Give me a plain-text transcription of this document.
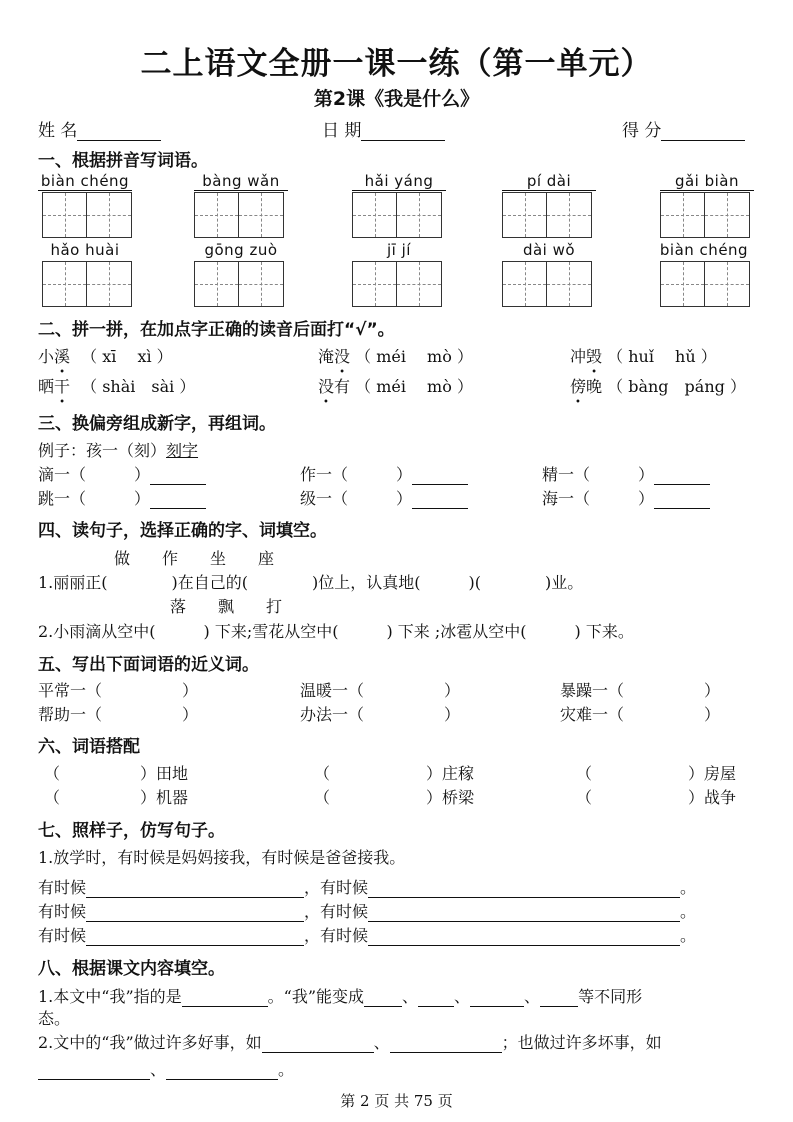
二上语文全册一课一练（第一单元）
第2课《我是什么》
姓 名	日 期	得 分
一、根据拼音写词语。
biàn chéng	bàng wǎn	hǎi yáng	pí dài	gǎi biàn
hǎo huài	gōng zuò	jī jí	dài wǒ	biàn chéng
二、拼一拼，在加点字正确的读音后面打“√”。
小溪 （ xī　 xì ）	淹没 （ méi　 mò ）	冲毁 （ huǐ　 hǔ ）
晒干 （ shài　sài ）	没有 （ méi　 mò ）	傍晚 （ bàng　páng ）
三、换偏旁组成新字，再组词。
例子：孩一（刻）刻字
滴一（　　　）	作一（　　　）	精一（　　　）
跳一（　　　）	级一（　　　）	海一（　　　）
四、读句子，选择正确的字、词填空。
做　　作　　坐　　座
1.丽丽正(　　　　)在自己的(　　　　)位上，认真地(　　　)(　　　　)业。
落　　飘　　打
2.小雨滴从空中(　　　) 下来;雪花从空中(　　　) 下来 ;冰雹从空中(　　　) 下来。
五、写出下面词语的近义词。
平常一（　　　　　）	温暖一（　　　　　）	暴躁一（　　　　　）
帮助一（　　　　　）	办法一（　　　　　）	灾难一（　　　　　）
六、词语搭配
（　　　　　）田地	（　　　　　　）庄稼	（　　　　　　）房屋
（　　　　　）机器	（　　　　　　）桥梁	（　　　　　　）战争
七、照样子，仿写句子。
1.放学时，有时候是妈妈接我，有时候是爸爸接我。
有时候	，有时候	。
有时候	，有时候	。
有时候	，有时候	。
八、根据课文内容填空。
1.本文中“我”指的是	。“我”能变成 、 、	、 等不同形
态。
2.文中的“我”做过许多好事，如	、	；也做过许多坏事，如
、	。
第 2 页 共 75 页
